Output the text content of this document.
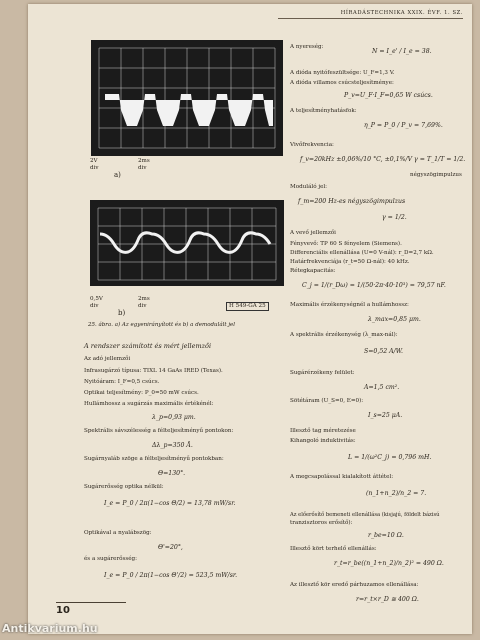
HÍRADÁSTECHNIKA XXIX. ÉVF. 1. SZ.
2V
div
2ms
div
a)
0,5V
div
2ms
div
b)
H 549-GA 25
25. ábra. a) Az egyenirányított és b) a demodulált jel
A rendszer számított és mért jellemzői
Az adó jellemzői
Infrasugárzó típusa: TIXL 14 GaAs IRED (Texas).
Nyitóáram: I_F=0,5 csúcs.
Optikai teljesítmény: P_0=50 mW csúcs.
Hullámhossz a sugárzás maximális értékénél:
λ_p=0,93 μm.
Spektrális sávszélesség a félteljesítményű pontokon:
Δλ_p=350 Å.
Sugárnyaláb szöge a félteljesítményű pontokban:
Θ=130°.
Sugárerősség optika nélkül:
I_e = P_0 / 2π(1−cos Θ/2) = 13,78 mW/sr.
Optikával a nyalábszög:
Θ'=20°,
és a sugárerősség:
I_e = P_0 / 2π(1−cos Θ'/2) = 523,5 mW/sr.
A nyereség:
N = I_e' / I_e = 38.
A dióda nyitófeszültsége: U_F=1,3 V.
A dióda villamos csúcsteljesítménye:
P_v=U_F·I_F=0,65 W csúcs.
A teljesítményhatásfok:
η_P = P_0 / P_v = 7,69%.
Vivőfrekvencia:
f_v=20kHz ±0,06%/10 °C, ±0,1%/V γ = T_1/T = 1/2.
négyszögimpulzus
Moduláló jel:
f_m=200 Hz-es négyszögimpulzus
γ = 1/2.
A vevő jellemzői
Fényvevő: TP 60 S fényelem (Siemens).
Differenciális ellenállása (U=0 V-nál): r_D=2,7 kΩ.
Határfrekvenciája (r_t=50 Ω-nál): 40 kHz.
Rétegkapacitás:
C_j = 1/(r_Dω) = 1/(50·2π·40·10³) = 79,57 nF.
Maximális érzékenységnél a hullámhossz:
λ_max=0,85 μm.
A spektrális érzékenység (λ_max-nál):
S=0,52 A/W.
Sugárérzékeny felület:
A=1,5 cm².
Sötétáram (U_S=0, E=0):
I_s=25 μA.
Illesztő tag méretezése
Kihangoló induktivitás:
L = 1/(ω²C_j) = 0,796 mH.
A megcsapolással kialakított áttétel:
(n_1+n_2)/n_2 = 7.
Az előerősítő bemeneti ellenállása (kisjajú, földelt bázisú
tranzisztoros erősítő):
r_be=10 Ω.
Illesztő kört terhelő ellenállás:
r_t=r_be((n_1+n_2)/n_2)² = 490 Ω.
Az illesztő kör eredő párhuzamos ellenállása:
r=r_t×r_D ≅ 400 Ω.
10
Antikvarium.hu
